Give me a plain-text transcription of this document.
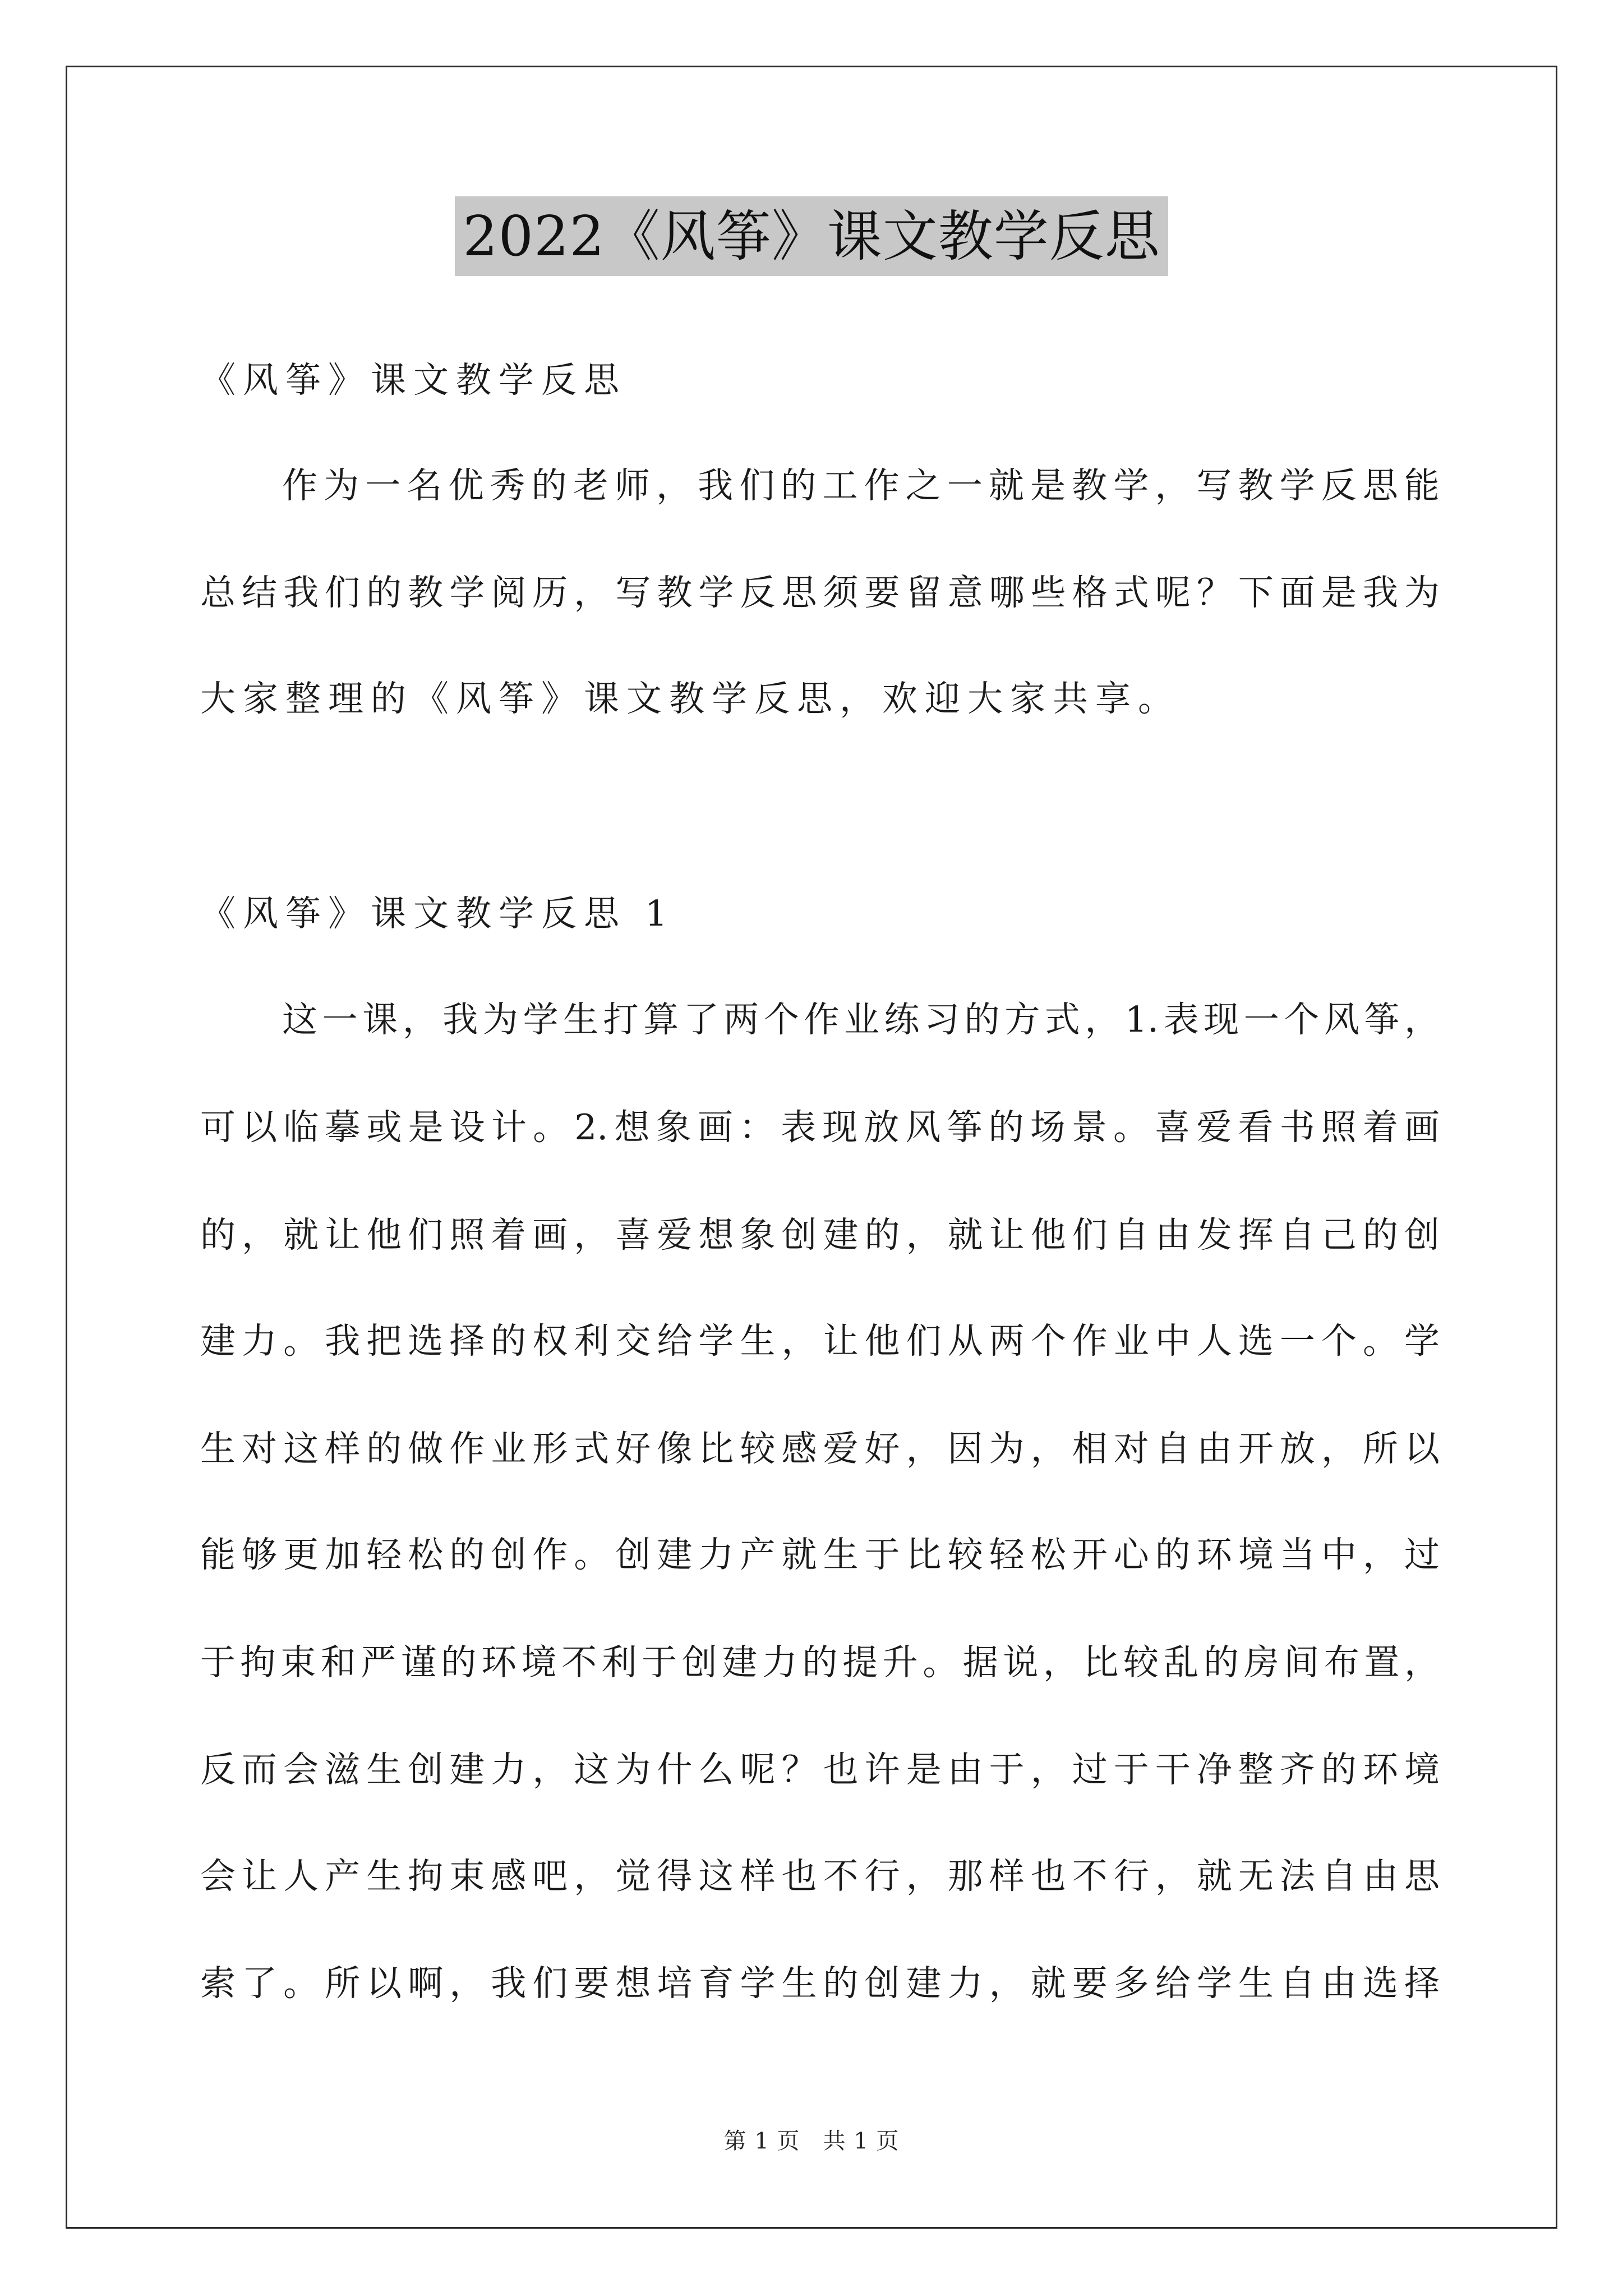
2022《风筝》课文教学反思
《风筝》课文教学反思
作为一名优秀的老师，我们的工作之一就是教学，写教学反思能
总结我们的教学阅历，写教学反思须要留意哪些格式呢？下面是我为
大家整理的《风筝》课文教学反思，欢迎大家共享。
《风筝》课文教学反思 1
这一课，我为学生打算了两个作业练习的方式，1.表现一个风筝，
可以临摹或是设计。2.想象画：表现放风筝的场景。喜爱看书照着画
的，就让他们照着画，喜爱想象创建的，就让他们自由发挥自己的创
建力。我把选择的权利交给学生，让他们从两个作业中人选一个。学
生对这样的做作业形式好像比较感爱好，因为，相对自由开放，所以
能够更加轻松的创作。创建力产就生于比较轻松开心的环境当中，过
于拘束和严谨的环境不利于创建力的提升。据说，比较乱的房间布置，
反而会滋生创建力，这为什么呢？也许是由于，过于干净整齐的环境
会让人产生拘束感吧，觉得这样也不行，那样也不行，就无法自由思
索了。所以啊，我们要想培育学生的创建力，就要多给学生自由选择
第 1 页　共 1 页
